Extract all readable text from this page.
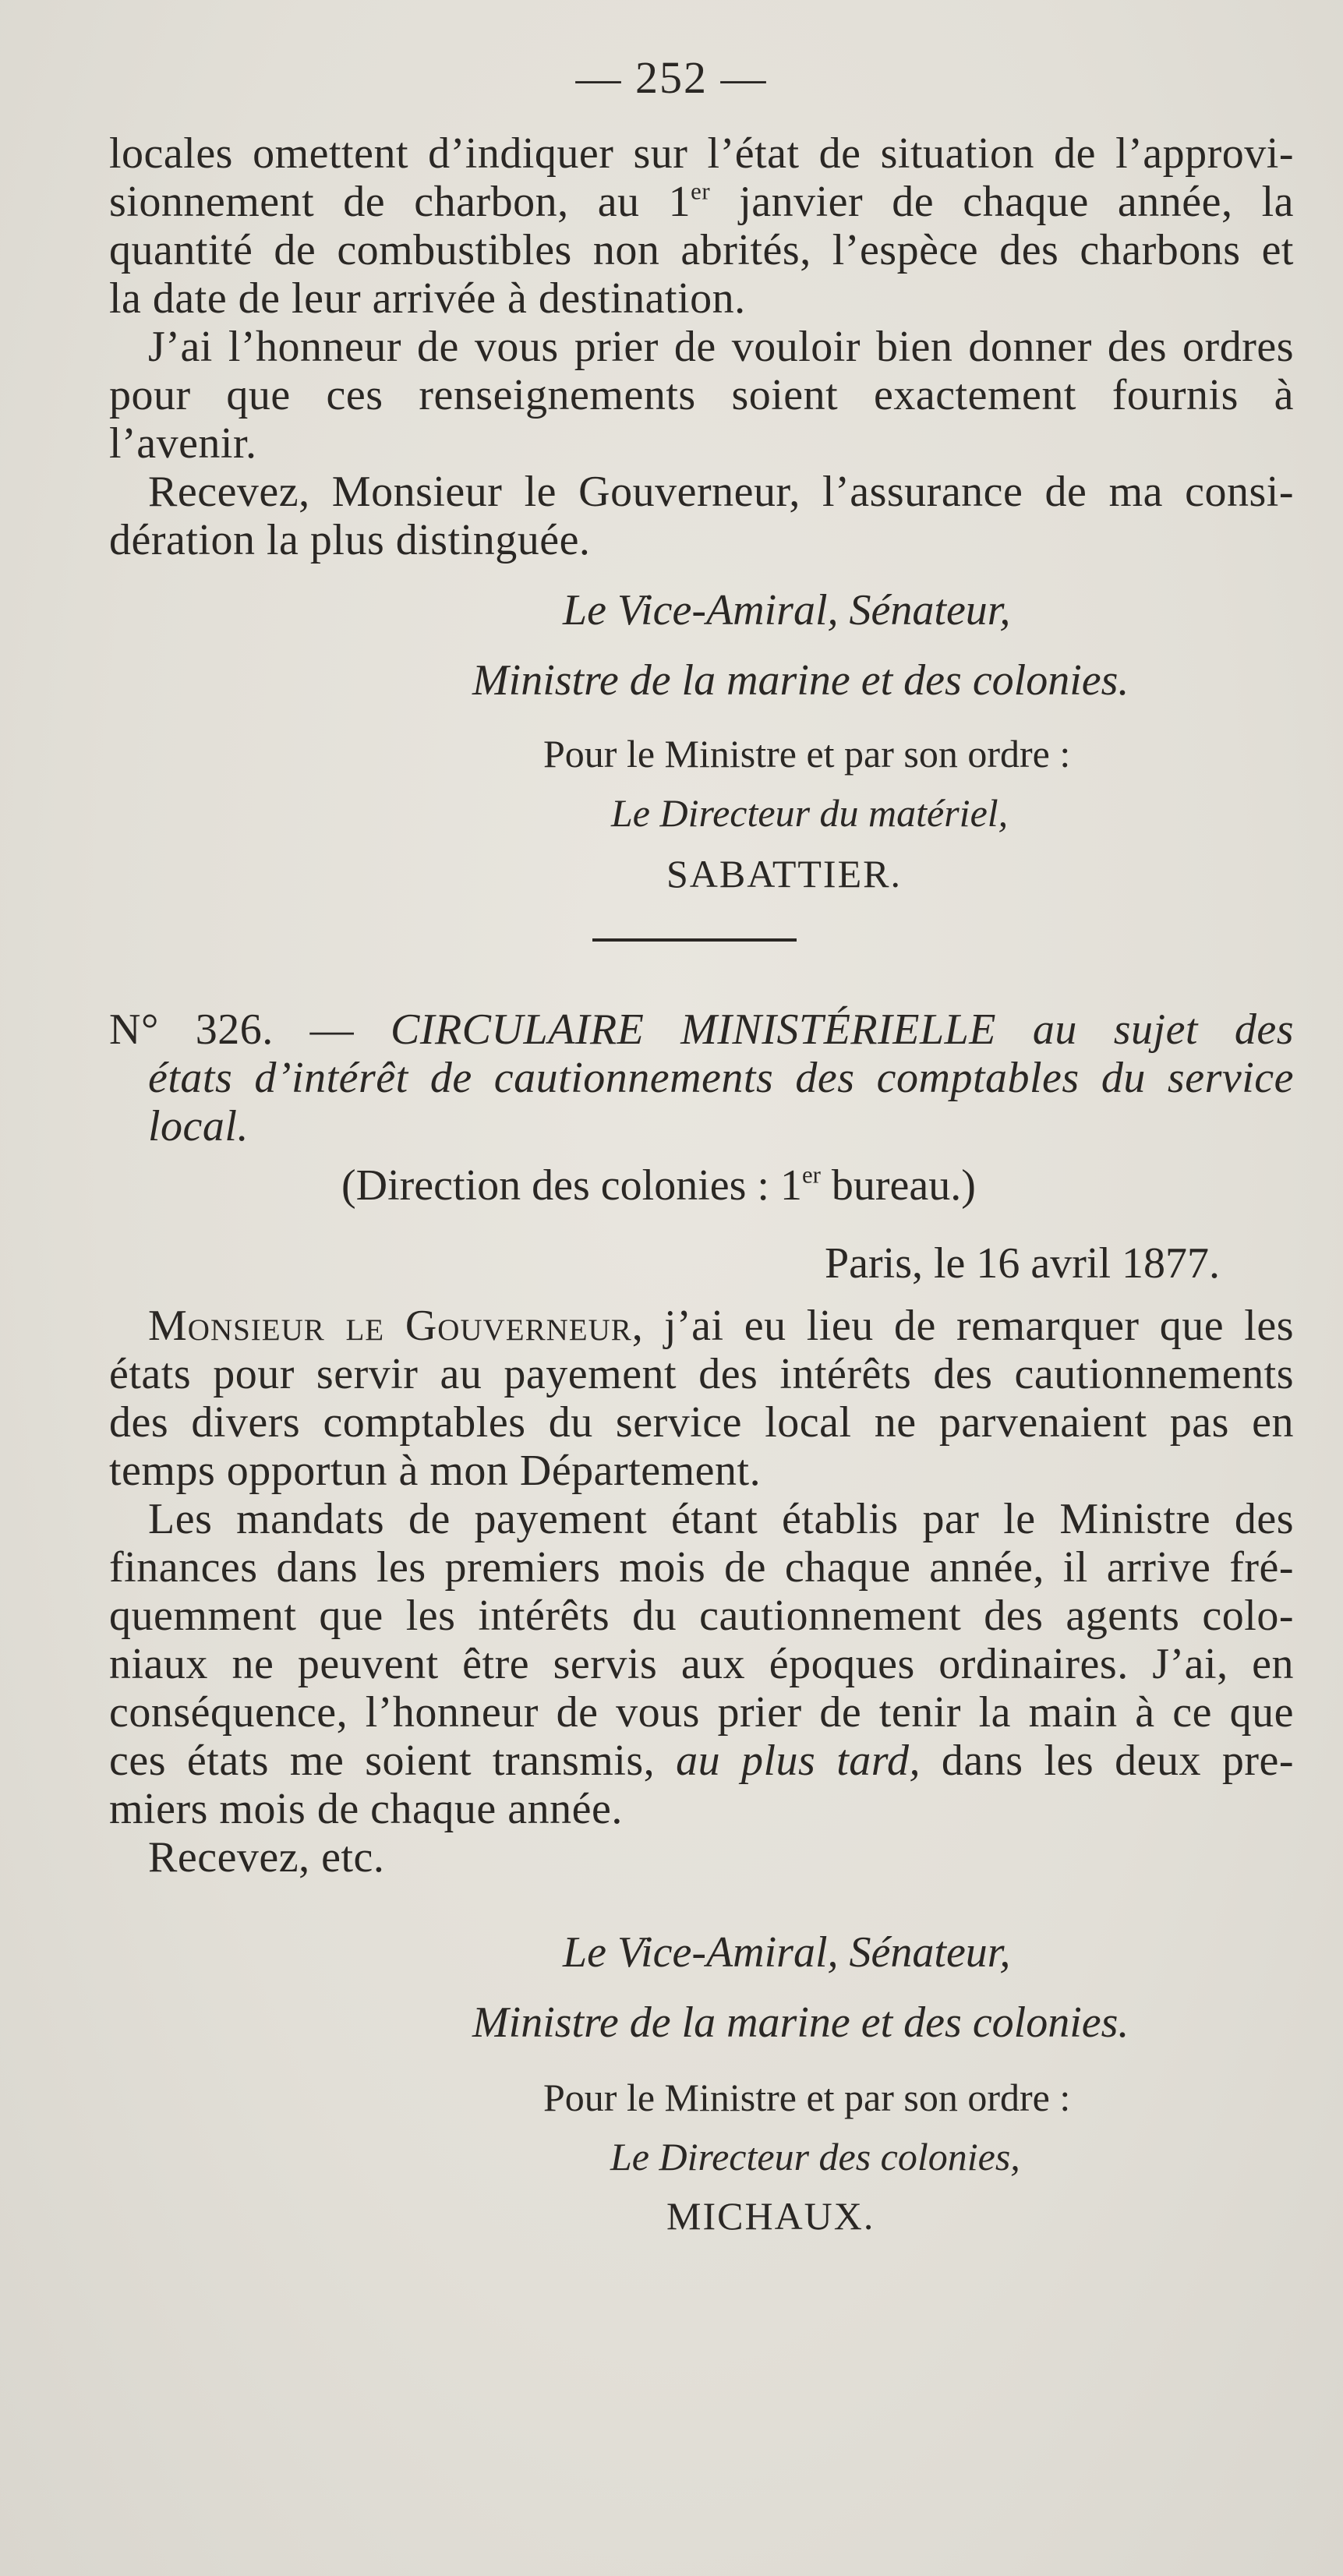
— 252 —
locales omettent d’indiquer sur l’état de situation de l’approvi-
sionnement de charbon, au 1er janvier de chaque année, la
quantité de combustibles non abrités, l’espèce des charbons et
la date de leur arrivée à destination.
J’ai l’honneur de vous prier de vouloir bien donner des ordres
pour que ces renseignements soient exactement fournis à
l’avenir.
Recevez, Monsieur le Gouverneur, l’assurance de ma consi-
dération la plus distinguée.
Le Vice-Amiral, Sénateur,
Ministre de la marine et des colonies.
Pour le Ministre et par son ordre :
Le Directeur du matériel,
SABATTIER.
N° 326. — CIRCULAIRE MINISTÉRIELLE au sujet des
états d’intérêt de cautionnements des comptables du service
local.
(Direction des colonies : 1er bureau.)
Paris, le 16 avril 1877.
Monsieur le Gouverneur, j’ai eu lieu de remarquer que les
états pour servir au payement des intérêts des cautionnements
des divers comptables du service local ne parvenaient pas en
temps opportun à mon Département.
Les mandats de payement étant établis par le Ministre des
finances dans les premiers mois de chaque année, il arrive fré-
quemment que les intérêts du cautionnement des agents colo-
niaux ne peuvent être servis aux époques ordinaires. J’ai, en
conséquence, l’honneur de vous prier de tenir la main à ce que
ces états me soient transmis, au plus tard, dans les deux pre-
miers mois de chaque année.
Recevez, etc.
Le Vice-Amiral, Sénateur,
Ministre de la marine et des colonies.
Pour le Ministre et par son ordre :
Le Directeur des colonies,
MICHAUX.
